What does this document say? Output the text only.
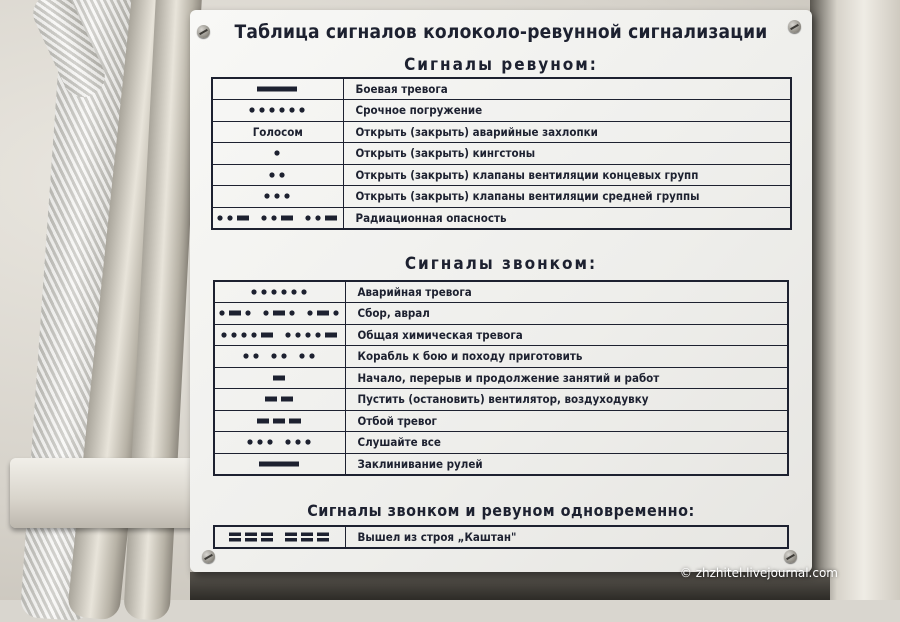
Таблица сигналов колоколо-ревунной сигнализации
Сигналы ревуном:
	Боевая тревога

	Срочное погружение
Голосом	Открыть (закрыть) аварийные захлопки

	Открыть (закрыть) кингстоны

	Открыть (закрыть) клапаны вентиляции концевых групп

	Открыть (закрыть) клапаны вентиляции средней группы

	Радиационная опасность
Сигналы звонком:
	Аварийная тревога

	Сбор, аврал

	Общая химическая тревога

	Корабль к бою и походу приготовить

	Начало, перерыв и продолжение занятий и работ

	Пустить (остановить) вентилятор, воздуходувку

	Отбой тревог

	Слушайте все

	Заклинивание рулей
Сигналы звонком и ревуном одновременно:
	Вышел из строя „Каштан"
© zhzhitel.livejournal.com
